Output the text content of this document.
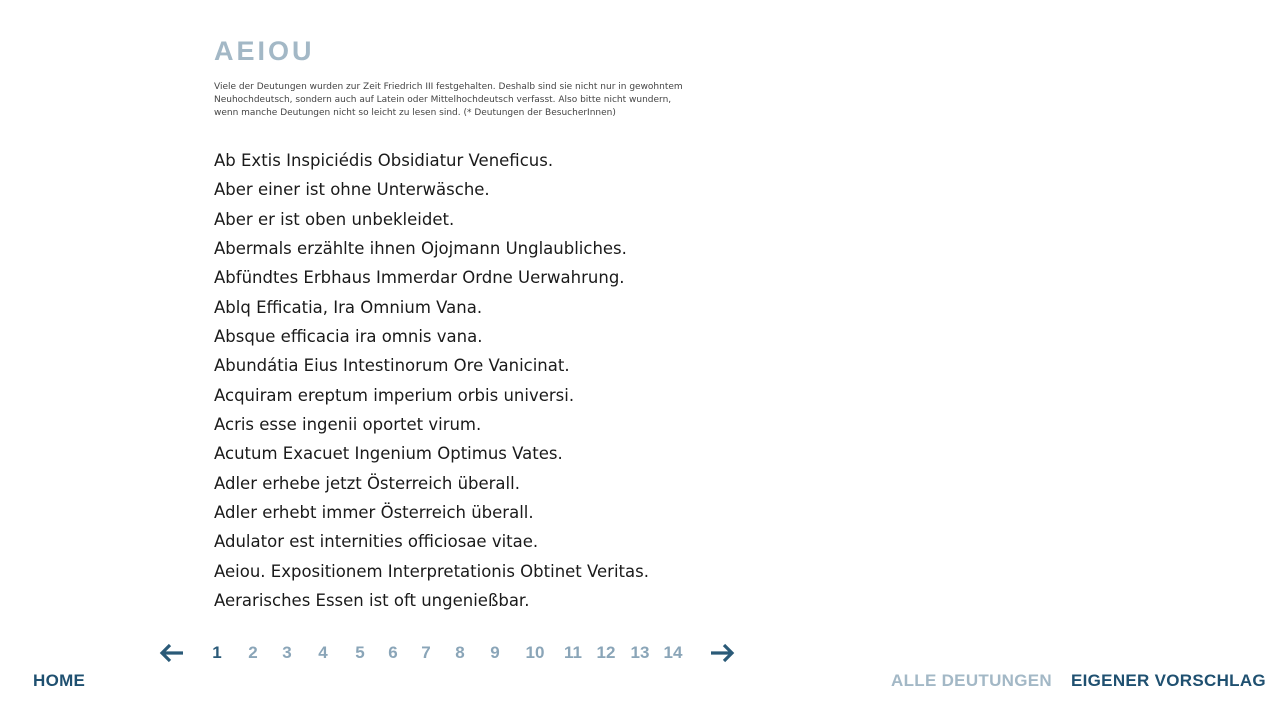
AEIOU

Viele der Deutungen wurden zur Zeit Friedrich III festgehalten. Deshalb sind sie nicht nur in gewohntem
Neuhochdeutsch, sondern auch auf Latein oder Mittelhochdeutsch verfasst. Also bitte nicht wundern,
wenn manche Deutungen nicht so leicht zu lesen sind. (* Deutungen der BesucherInnen)

Ab Extis Inspiciédis Obsidiatur Veneficus.
Aber einer ist ohne Unterwäsche.
Aber er ist oben unbekleidet.
Abermals erzählte ihnen Ojojmann Unglaubliches.
Abfündtes Erbhaus Immerdar Ordne Uerwahrung.
Ablq Efficatia, Ira Omnium Vana.
Absque efficacia ira omnis vana.
Abundátia Eius Intestinorum Ore Vanicinat.
Acquiram ereptum imperium orbis universi.
Acris esse ingenii oportet virum.
Acutum Exacuet Ingenium Optimus Vates.
Adler erhebe jetzt Österreich überall.
Adler erhebt immer Österreich überall.
Adulator est internities officiosae vitae.
Aeiou. Expositionem Interpretationis Obtinet Veritas.
Aerarisches Essen ist oft ungenießbar.
1	2	3	4	5	6	7	8	9	10 11 12 13 14
HOME	ALLE DEUTUNGEN EIGENER VORSCHLAG
